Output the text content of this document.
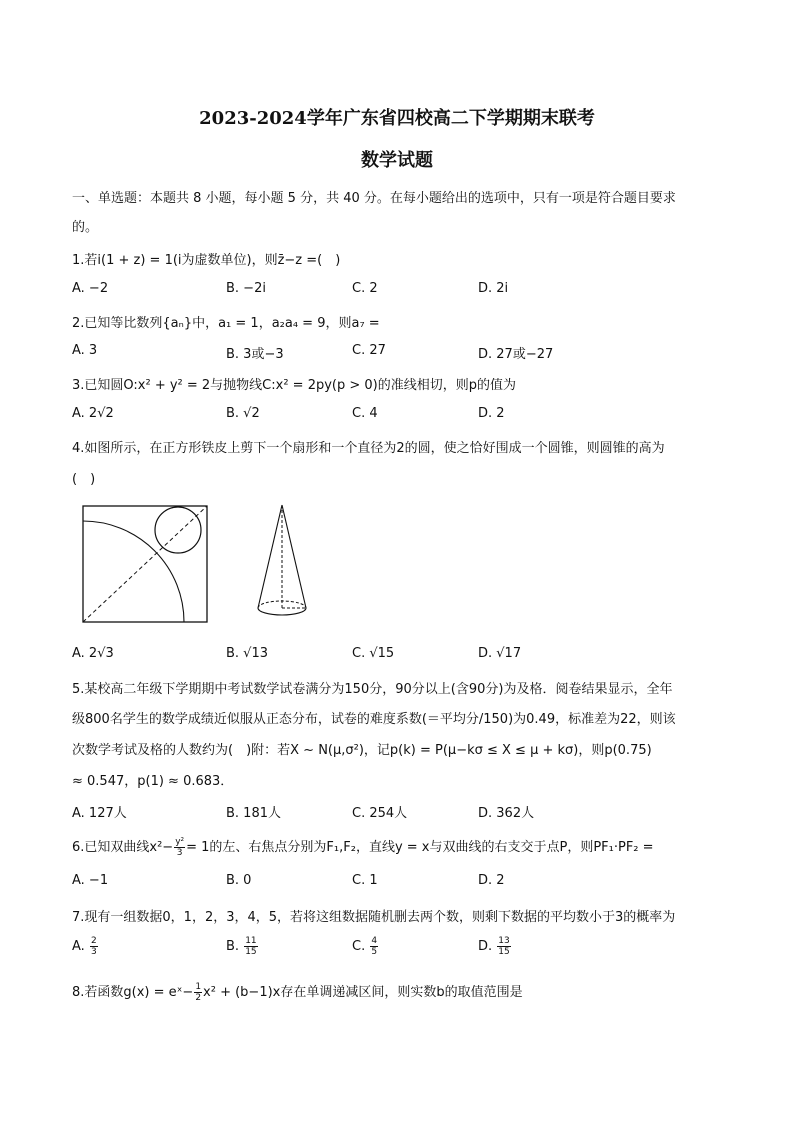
2023-2024学年广东省四校高二下学期期末联考
数学试题
一、单选题：本题共 8 小题，每小题 5 分，共 40 分。在每小题给出的选项中，只有一项是符合题目要求
的。
1.若i(1 + z) = 1(i为虚数单位)，则z̄−z =(　)
A. −2	B. −2i	C. 2	D. 2i
2.已知等比数列{aₙ}中，a₁ = 1，a₂a₄ = 9，则a₇ =
A. 3	B. 3或−3	C. 27	D. 27或−27
3.已知圆O:x² + y² = 2与抛物线C:x² = 2py(p > 0)的准线相切，则p的值为
A. 2√2	B. √2	C. 4	D. 2
4.如图所示，在正方形铁皮上剪下一个扇形和一个直径为2的圆，使之恰好围成一个圆锥，则圆锥的高为
(　)
A. 2√3	B. √13	C. √15	D. √17
5.某校高二年级下学期期中考试数学试卷满分为150分，90分以上(含90分)为及格．阅卷结果显示，全年
级800名学生的数学成绩近似服从正态分布，试卷的难度系数(＝平均分/150)为0.49，标准差为22，则该
次数学考试及格的人数约为(　)附：若X ~ N(μ,σ²)，记p(k) = P(μ−kσ ≤ X ≤ μ + kσ)，则p(0.75)
≈ 0.547，p(1) ≈ 0.683．
A. 127人	B. 181人	C. 254人	D. 362人
6.已知双曲线$x^2- \frac{\text{y²}}{3} = 1$的左、右焦点分别为F₁,F₂，直线y = x与双曲线的右支交于点P，则PF₁·PF₂ =
A. −1	B. 0	C. 1	D. 2
7.现有一组数据0，1，2，3，4，5，若将这组数据随机删去两个数，则剩下数据的平均数小于3的概率为
A. $\frac{2}{3}$	B. $\frac{11}{15}$	C. $\frac{4}{5}$	D. $\frac{13}{15}$
8.若函数g(x) = eˣ− $\frac{1}{2} x^2 + (b-1)x$存在单调递减区间，则实数b的取值范围是
